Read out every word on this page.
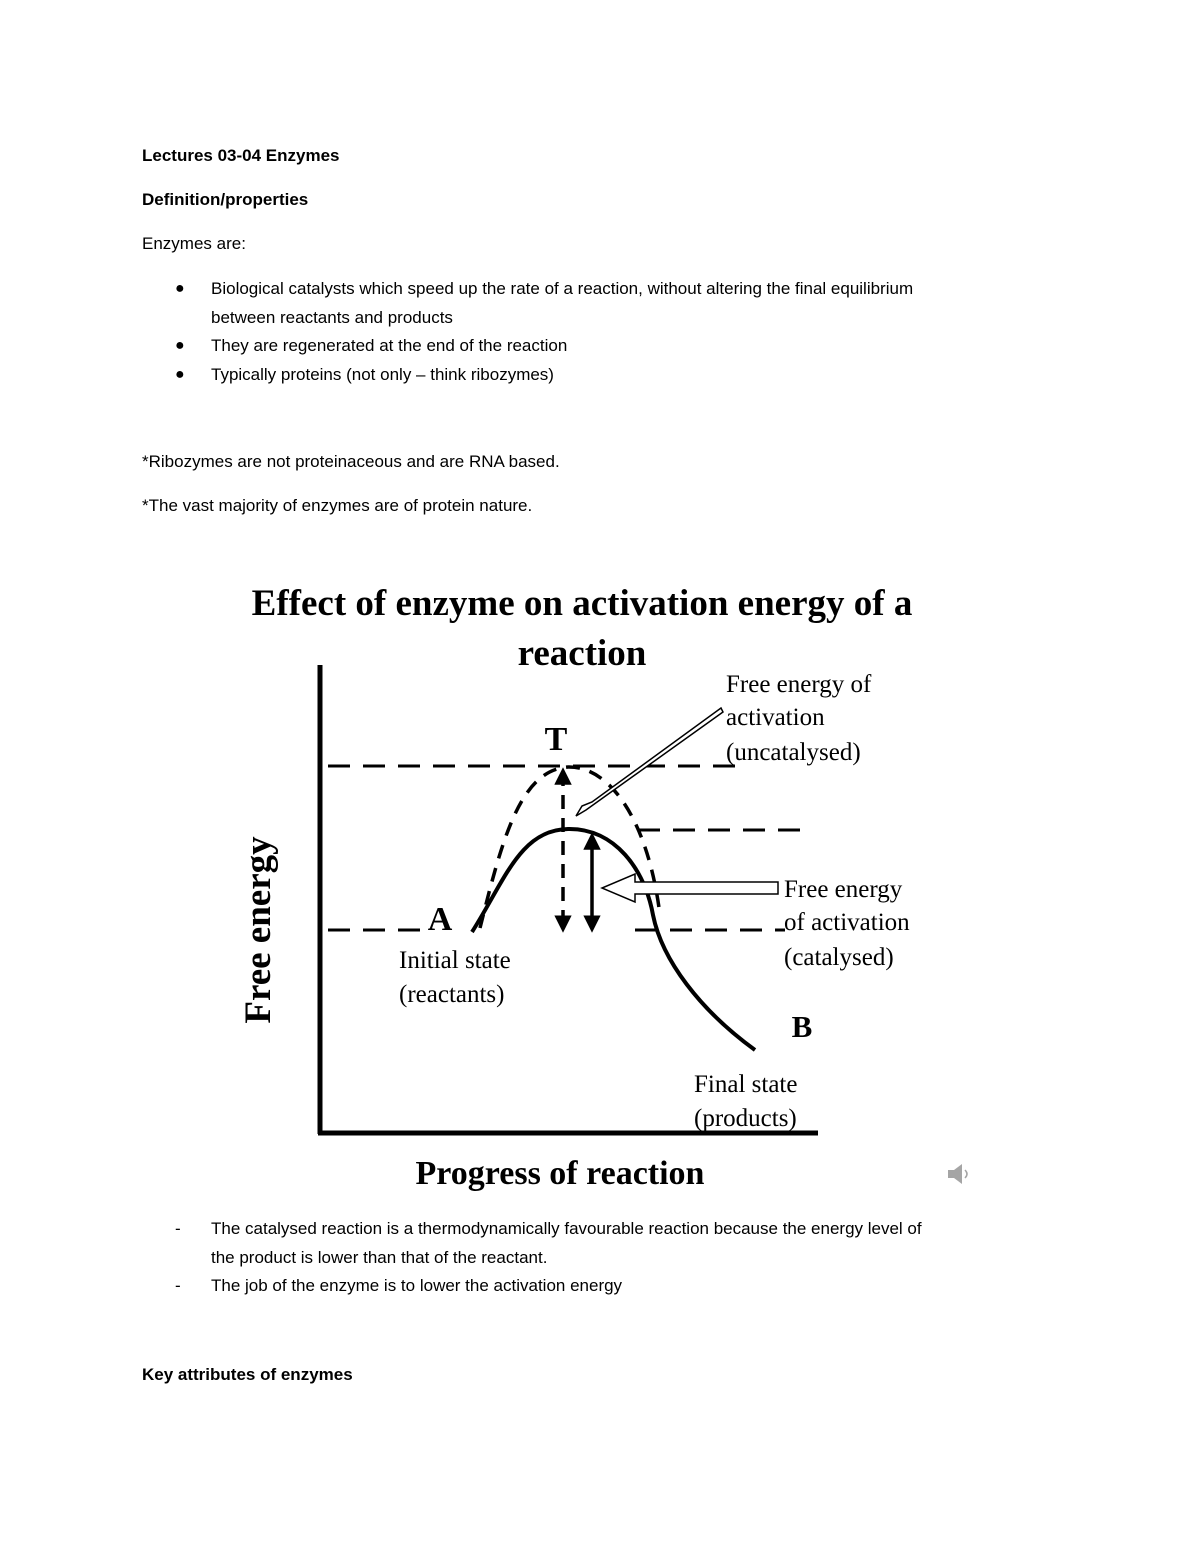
Lectures 03-04 Enzymes

Definition/properties

Enzymes are:

● Biological catalysts which speed up the rate of a reaction, without altering the final equilibrium
between reactants and products
● They are regenerated at the end of the reaction
● Typically proteins (not only – think ribozymes)

*Ribozymes are not proteinaceous and are RNA based.

*The vast majority of enzymes are of protein nature.

Effect of enzyme on activation energy of a
reaction
Free energy
Progress of reaction
T
A
B
Initial state
(reactants)
Final state
(products)
Free energy of
activation
(uncatalysed)
Free energy
of activation
(catalysed)
- The catalysed reaction is a thermodynamically favourable reaction because the energy level of
the product is lower than that of the reactant.
- The job of the enzyme is to lower the activation energy

Key attributes of enzymes
